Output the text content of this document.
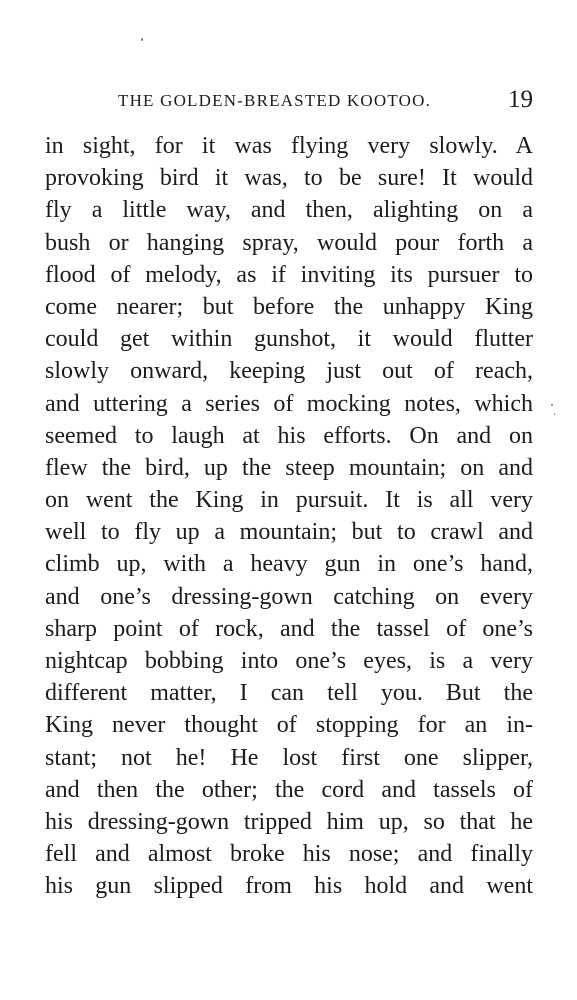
THE GOLDEN-BREASTED KOOTOO.	19
in sight, for it was flying very slowly. A
provoking bird it was, to be sure! It would
fly a little way, and then, alighting on a
bush or hanging spray, would pour forth a
flood of melody, as if inviting its pursuer to
come nearer; but before the unhappy King
could get within gunshot, it would flutter
slowly onward, keeping just out of reach,
and uttering a series of mocking notes, which
seemed to laugh at his efforts. On and on
flew the bird, up the steep mountain; on and
on went the King in pursuit. It is all very
well to fly up a mountain; but to crawl and
climb up, with a heavy gun in one’s hand,
and one’s dressing-gown catching on every
sharp point of rock, and the tassel of one’s
nightcap bobbing into one’s eyes, is a very
different matter, I can tell you. But the
King never thought of stopping for an in-
stant; not he! He lost first one slipper,
and then the other; the cord and tassels of
his dressing-gown tripped him up, so that he
fell and almost broke his nose; and finally
his gun slipped from his hold and went
